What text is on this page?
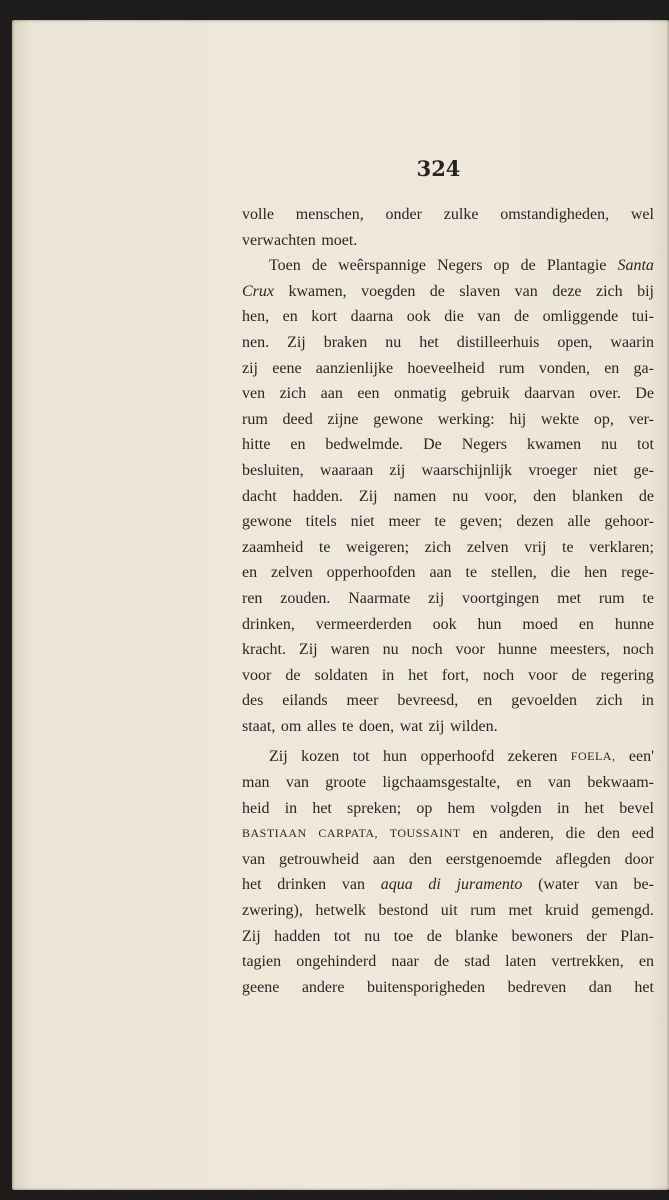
324
volle menschen, onder zulke omstandigheden, wel
verwachten moet.
Toen de weêrspannige Negers op de Plantagie Santa
Crux kwamen, voegden de slaven van deze zich bij
hen, en kort daarna ook die van de omliggende tui-
nen. Zij braken nu het distilleerhuis open, waarin
zij eene aanzienlijke hoeveelheid rum vonden, en ga-
ven zich aan een onmatig gebruik daarvan over. De
rum deed zijne gewone werking: hij wekte op, ver-
hitte en bedwelmde. De Negers kwamen nu tot
besluiten, waaraan zij waarschijnlijk vroeger niet ge-
dacht hadden. Zij namen nu voor, den blanken de
gewone titels niet meer te geven; dezen alle gehoor-
zaamheid te weigeren; zich zelven vrij te verklaren;
en zelven opperhoofden aan te stellen, die hen rege-
ren zouden. Naarmate zij voortgingen met rum te
drinken, vermeerderden ook hun moed en hunne
kracht. Zij waren nu noch voor hunne meesters, noch
voor de soldaten in het fort, noch voor de regering
des eilands meer bevreesd, en gevoelden zich in
staat, om alles te doen, wat zij wilden.
Zij kozen tot hun opperhoofd zekeren FOELA, een'
man van groote ligchaamsgestalte, en van bekwaam-
heid in het spreken; op hem volgden in het bevel
BASTIAAN CARPATA, TOUSSAINT en anderen, die den eed
van getrouwheid aan den eerstgenoemde aflegden door
het drinken van aqua di juramento (water van be-
zwering), hetwelk bestond uit rum met kruid gemengd.
Zij hadden tot nu toe de blanke bewoners der Plan-
tagien ongehinderd naar de stad laten vertrekken, en
geene andere buitensporigheden bedreven dan het
